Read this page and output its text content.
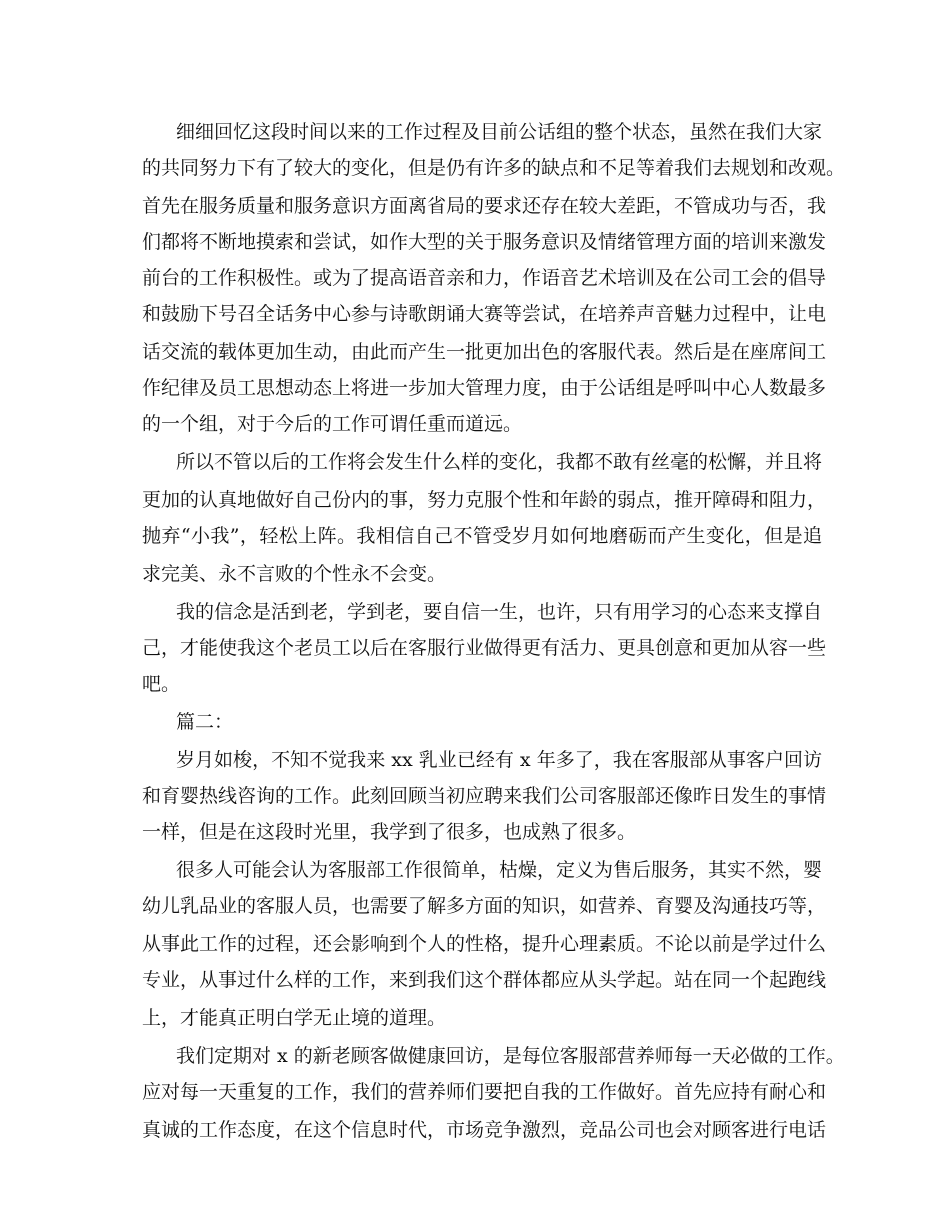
细细回忆这段时间以来的工作过程及目前公话组的整个状态，虽然在我们大家
的共同努力下有了较大的变化，但是仍有许多的缺点和不足等着我们去规划和改观。
首先在服务质量和服务意识方面离省局的要求还存在较大差距，不管成功与否，我
们都将不断地摸索和尝试，如作大型的关于服务意识及情绪管理方面的培训来激发
前台的工作积极性。或为了提高语音亲和力，作语音艺术培训及在公司工会的倡导
和鼓励下号召全话务中心参与诗歌朗诵大赛等尝试，在培养声音魅力过程中，让电
话交流的载体更加生动，由此而产生一批更加出色的客服代表。然后是在座席间工
作纪律及员工思想动态上将进一步加大管理力度，由于公话组是呼叫中心人数最多
的一个组，对于今后的工作可谓任重而道远。
所以不管以后的工作将会发生什么样的变化，我都不敢有丝毫的松懈，并且将
更加的认真地做好自己份内的事，努力克服个性和年龄的弱点，推开障碍和阻力，
抛弃“小我”，轻松上阵。我相信自己不管受岁月如何地磨砺而产生变化，但是追
求完美、永不言败的个性永不会变。
我的信念是活到老，学到老，要自信一生，也许，只有用学习的心态来支撑自
己，才能使我这个老员工以后在客服行业做得更有活力、更具创意和更加从容一些
吧。
篇二：
岁月如梭，不知不觉我来 xx 乳业已经有 x 年多了，我在客服部从事客户回访
和育婴热线咨询的工作。此刻回顾当初应聘来我们公司客服部还像昨日发生的事情
一样，但是在这段时光里，我学到了很多，也成熟了很多。
很多人可能会认为客服部工作很简单，枯燥，定义为售后服务，其实不然，婴
幼儿乳品业的客服人员，也需要了解多方面的知识，如营养、育婴及沟通技巧等，
从事此工作的过程，还会影响到个人的性格，提升心理素质。不论以前是学过什么
专业，从事过什么样的工作，来到我们这个群体都应从头学起。站在同一个起跑线
上，才能真正明白学无止境的道理。
我们定期对 x 的新老顾客做健康回访，是每位客服部营养师每一天必做的工作。
应对每一天重复的工作，我们的营养师们要把自我的工作做好。首先应持有耐心和
真诚的工作态度，在这个信息时代，市场竞争激烈，竞品公司也会对顾客进行电话
